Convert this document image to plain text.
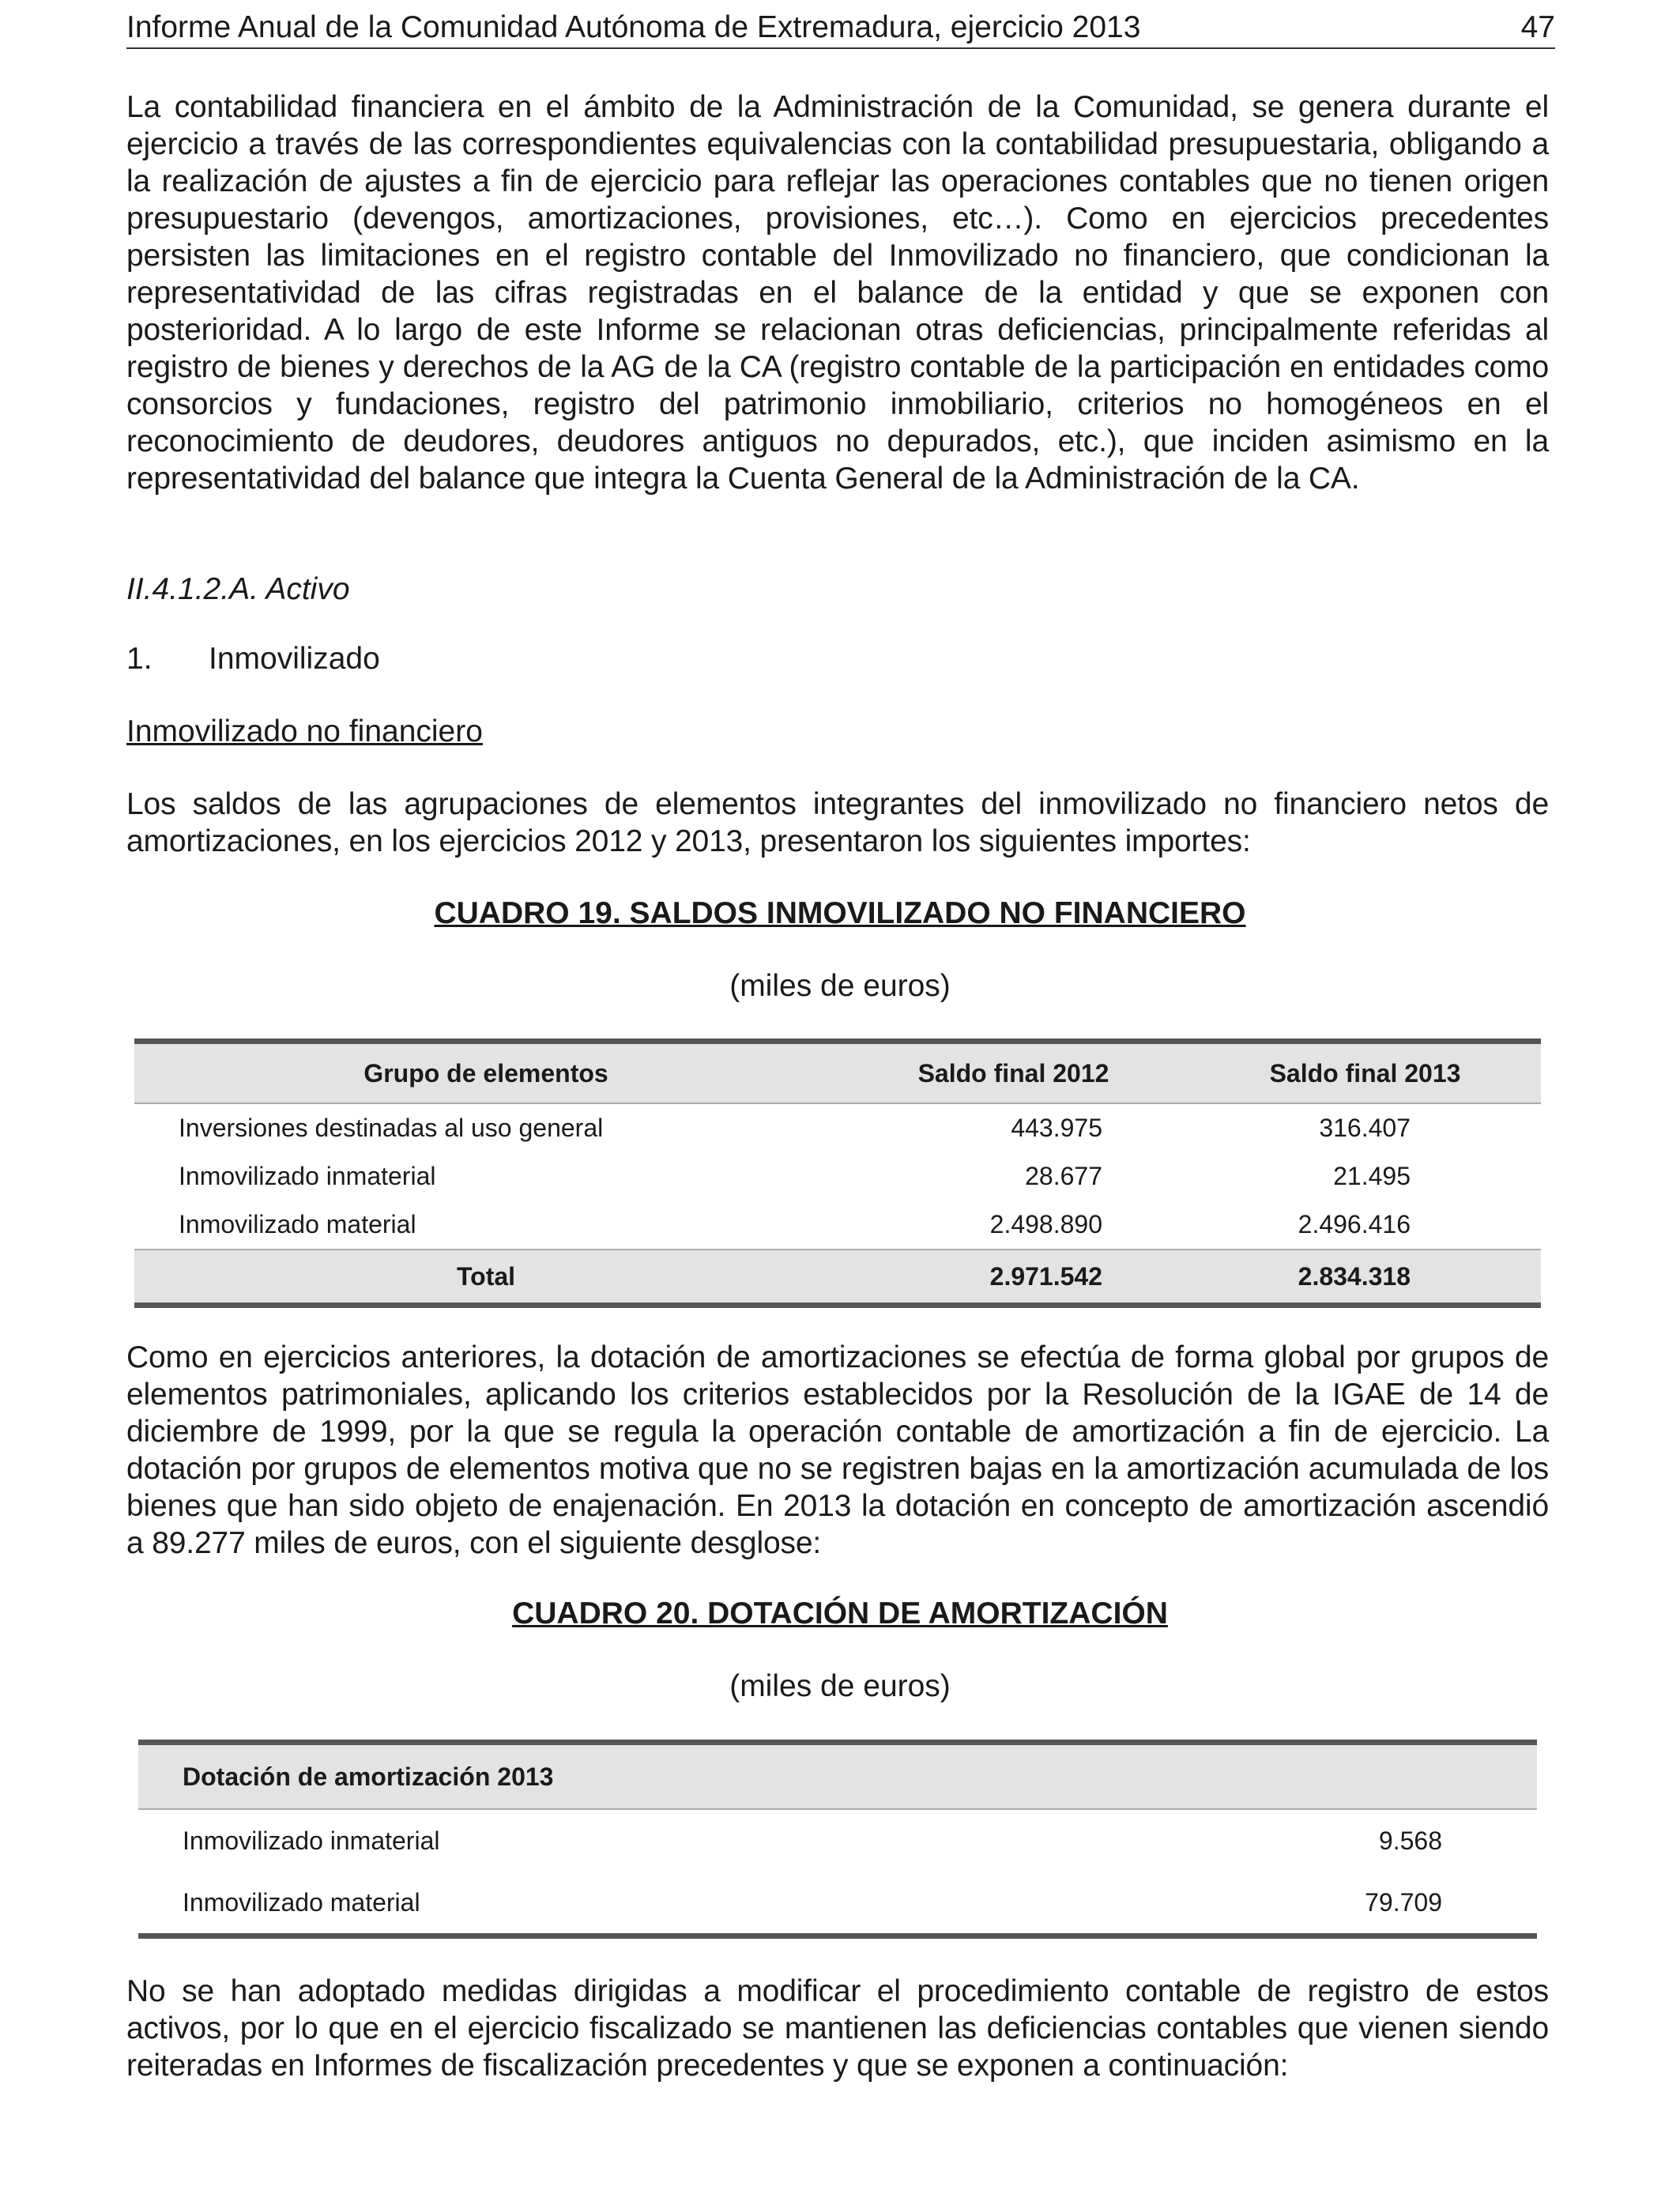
Informe Anual de la Comunidad Autónoma de Extremadura, ejercicio 2013	47

La contabilidad financiera en el ámbito de la Administración de la Comunidad, se genera durante el ejercicio a través de las correspondientes equivalencias con la contabilidad presupuestaria, obligando a la realización de ajustes a fin de ejercicio para reflejar las operaciones contables que no tienen origen presupuestario (devengos, amortizaciones, provisiones, etc…). Como en ejercicios precedentes persisten las limitaciones en el registro contable del Inmovilizado no financiero, que condicionan la representatividad de las cifras registradas en el balance de la entidad y que se exponen con posterioridad. A lo largo de este Informe se relacionan otras deficiencias, principalmente referidas al registro de bienes y derechos de la AG de la CA (registro contable de la participación en entidades como consorcios y fundaciones, registro del patrimonio inmobiliario, criterios no homogéneos en el reconocimiento de deudores, deudores antiguos no depurados, etc.), que inciden asimismo en la representatividad del balance que integra la Cuenta General de la Administración de la CA.

II.4.1.2.A. Activo
1. Inmovilizado
Inmovilizado no financiero

Los saldos de las agrupaciones de elementos integrantes del inmovilizado no financiero netos de amortizaciones, en los ejercicios 2012 y 2013, presentaron los siguientes importes:

CUADRO 19. SALDOS INMOVILIZADO NO FINANCIERO
(miles de euros)
Grupo de elementos	Saldo final 2012	Saldo final 2013
Inversiones destinadas al uso general	443.975	316.407
Inmovilizado inmaterial	28.677	21.495
Inmovilizado material	2.498.890	2.496.416
Total	2.971.542	2.834.318

Como en ejercicios anteriores, la dotación de amortizaciones se efectúa de forma global por grupos de elementos patrimoniales, aplicando los criterios establecidos por la Resolución de la IGAE de 14 de diciembre de 1999, por la que se regula la operación contable de amortización a fin de ejercicio. La dotación por grupos de elementos motiva que no se registren bajas en la amortización acumulada de los bienes que han sido objeto de enajenación. En 2013 la dotación en concepto de amortización ascendió a 89.277 miles de euros, con el siguiente desglose:

CUADRO 20. DOTACIÓN DE AMORTIZACIÓN
(miles de euros)
Dotación de amortización 2013	
Inmovilizado inmaterial	9.568
Inmovilizado material	79.709

No se han adoptado medidas dirigidas a modificar el procedimiento contable de registro de estos activos, por lo que en el ejercicio fiscalizado se mantienen las deficiencias contables que vienen siendo reiteradas en Informes de fiscalización precedentes y que se exponen a continuación:
